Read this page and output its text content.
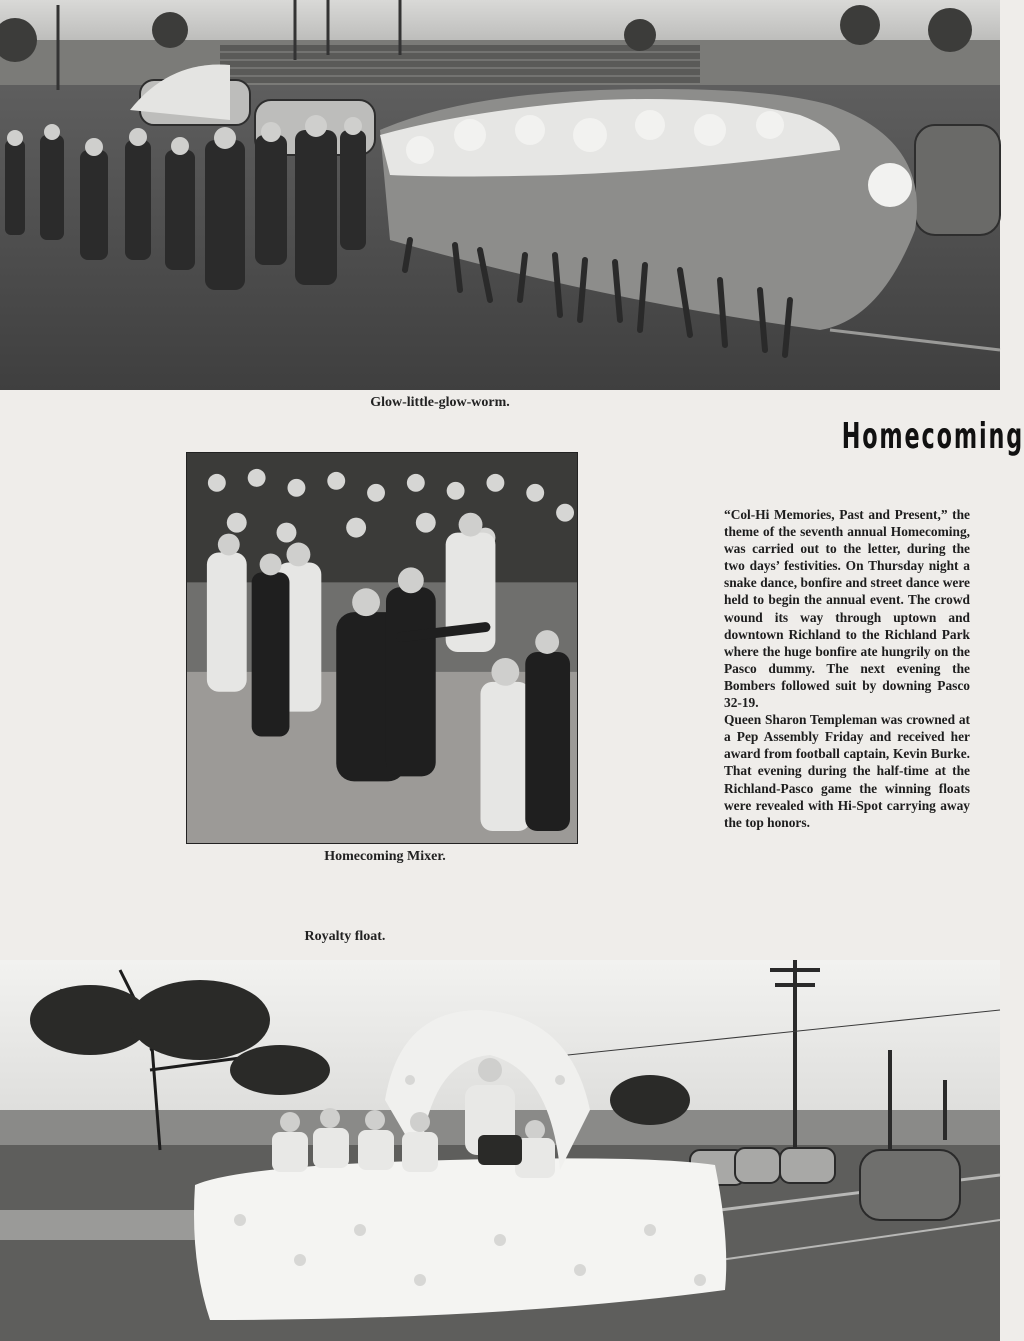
Glow-little-glow-worm.
Homecoming Mixer.
Royalty float.
Homecoming

“Col-Hi Memories, Past and Present,” the theme of the seventh annual Homecoming, was carried out to the letter, during the two days’ festivities. On Thursday night a snake dance, bonfire and street dance were held to begin the annual event. The crowd wound its way through uptown and downtown Richland to the Richland Park where the huge bonfire ate hungrily on the Pasco dummy. The next evening the Bombers followed suit by downing Pasco 32-19.

Queen Sharon Templeman was crowned at a Pep Assembly Friday and received her award from football captain, Kevin Burke. That evening during the half-time at the Richland-Pasco game the winning floats were revealed with Hi-Spot carrying away the top honors.
